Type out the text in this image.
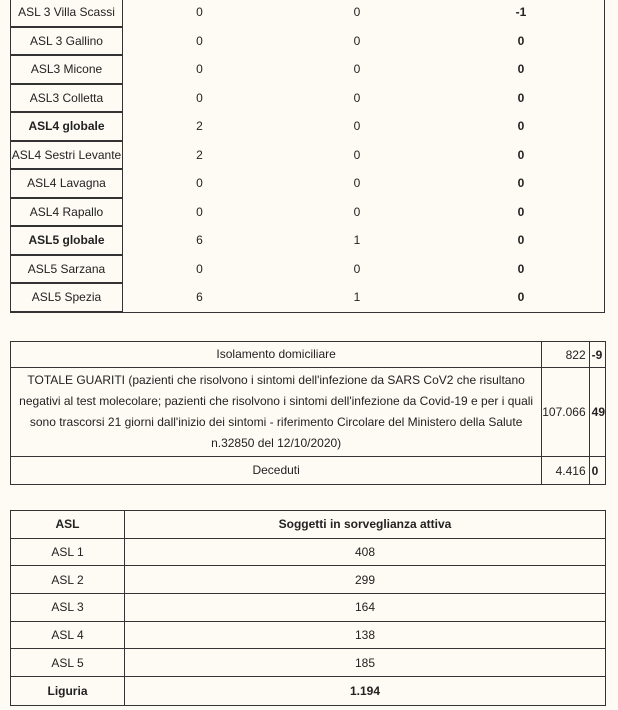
ASL 3 Villa Scassi	0	0	-1
ASL 3 Gallino	0	0	0
ASL3 Micone	0	0	0
ASL3 Colletta	0	0	0
ASL4 globale	2	0	0
ASL4 Sestri Levante	2	0	0
ASL4 Lavagna	0	0	0
ASL4 Rapallo	0	0	0
ASL5 globale	6	1	0
ASL5 Sarzana	0	0	0
ASL5 Spezia	6	1	0
Isolamento domiciliare	822	-9
TOTALE GUARITI (pazienti che risolvono i sintomi dell'infezione da SARS CoV2 che risultano negativi al test molecolare; pazienti che risolvono i sintomi dell'infezione da Covid-19 e per i quali sono trascorsi 21 giorni dall'inizio dei sintomi - riferimento Circolare del Ministero della Salute n.32850 del 12/10/2020)	107.066	49
Deceduti	4.416	0
ASL	Soggetti in sorveglianza attiva
ASL 1	408
ASL 2	299
ASL 3	164
ASL 4	138
ASL 5	185
Liguria	1.194
